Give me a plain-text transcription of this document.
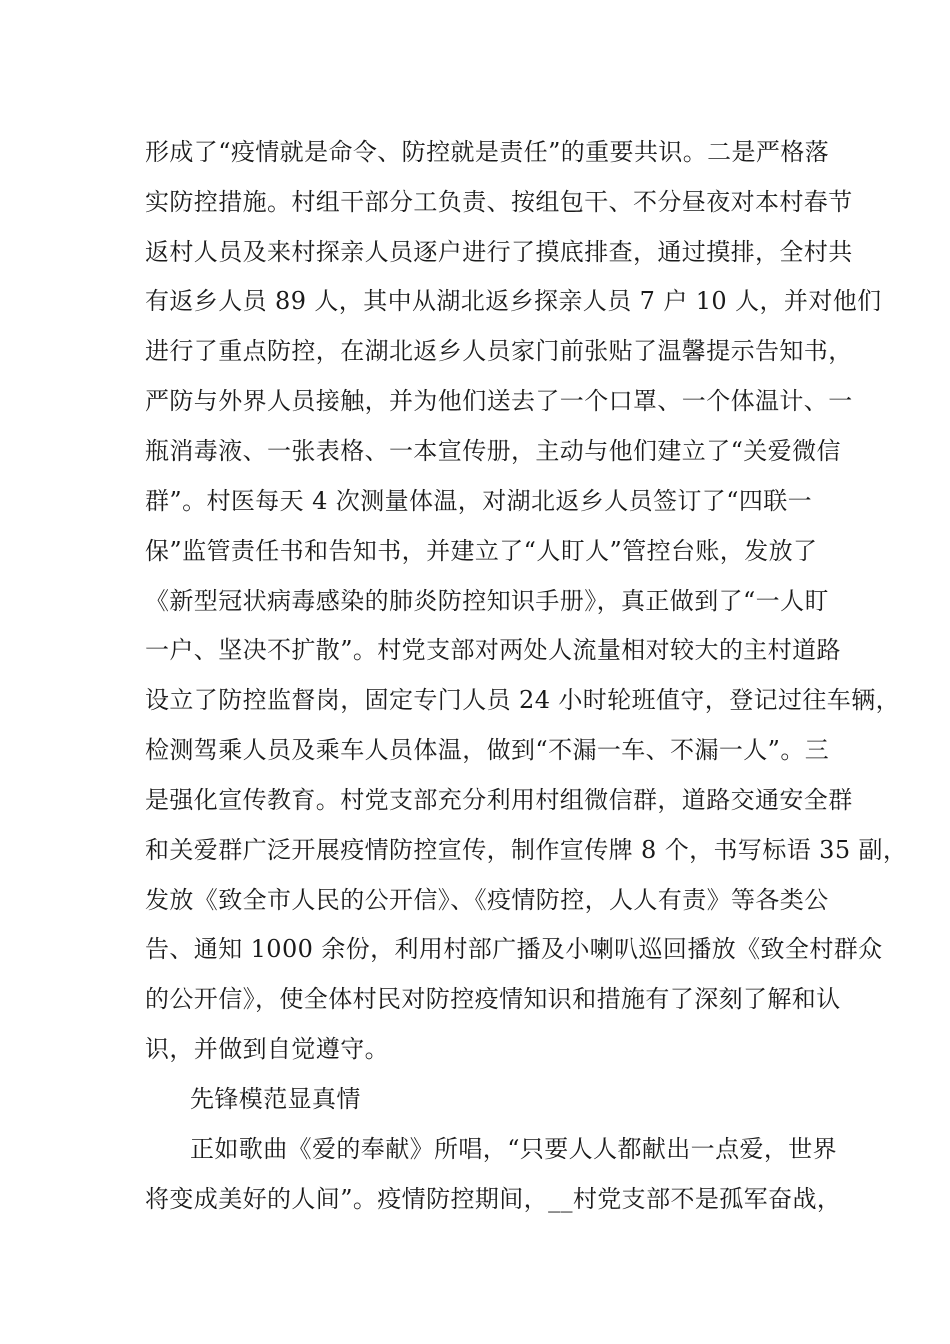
形成了“疫情就是命令、防控就是责任”的重要共识。二是严格落
实防控措施。村组干部分工负责、按组包干、不分昼夜对本村春节
返村人员及来村探亲人员逐户进行了摸底排查，通过摸排，全村共
有返乡人员 89 人，其中从湖北返乡探亲人员 7 户 10 人，并对他们
进行了重点防控，在湖北返乡人员家门前张贴了温馨提示告知书，
严防与外界人员接触，并为他们送去了一个口罩、一个体温计、一
瓶消毒液、一张表格、一本宣传册，主动与他们建立了“关爱微信
群”。村医每天 4 次测量体温，对湖北返乡人员签订了“四联一
保”监管责任书和告知书，并建立了“人盯人”管控台账，发放了
《新型冠状病毒感染的肺炎防控知识手册》，真正做到了“一人盯
一户、坚决不扩散”。村党支部对两处人流量相对较大的主村道路
设立了防控监督岗，固定专门人员 24 小时轮班值守，登记过往车辆，
检测驾乘人员及乘车人员体温，做到“不漏一车、不漏一人”。三
是强化宣传教育。村党支部充分利用村组微信群，道路交通安全群
和关爱群广泛开展疫情防控宣传，制作宣传牌 8 个，书写标语 35 副，
发放《致全市人民的公开信》、《疫情防控，人人有责》等各类公
告、通知 1000 余份，利用村部广播及小喇叭巡回播放《致全村群众
的公开信》，使全体村民对防控疫情知识和措施有了深刻了解和认
识，并做到自觉遵守。
先锋模范显真情
正如歌曲《爱的奉献》所唱，“只要人人都献出一点爱，世界
将变成美好的人间”。疫情防控期间，__村党支部不是孤军奋战，
